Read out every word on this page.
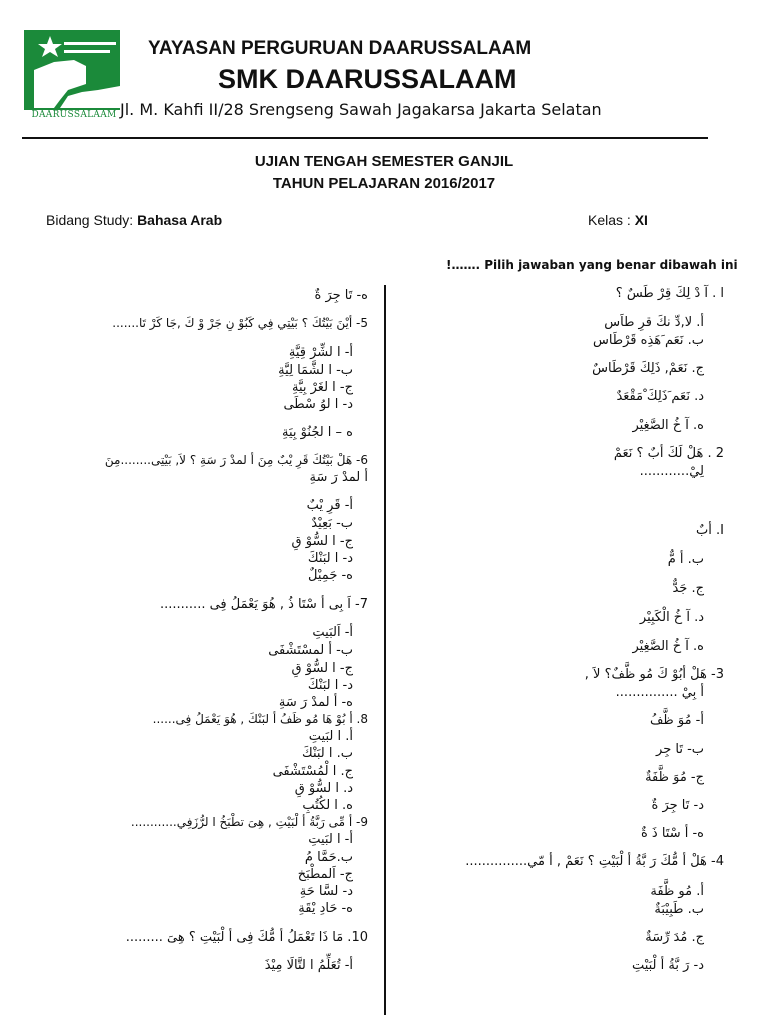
DAARUSSALAAM
YAYASAN PERGURUAN DAARUSSALAAM
SMK DAARUSSALAAM
Jl. M. Kahfi II/28 Srengseng Sawah Jagakarsa Jakarta Selatan
UJIAN TENGAH SEMESTER GANJIL
TAHUN PELAJARAN 2016/2017
Bidang Study: Bahasa Arab	Kelas : XI
!……. Pilih jawaban yang benar dibawah ini
ا . آ دْ لِكَ قِرْ طَسٌ ؟
أ. لا,دِّ نكَ قرِ طاَس
ب. نَعَم َهَذِه قَرْطَاس
ج. نَعَمْ, ذَلِكَ قَرْطَاسٌ
د. نَعَم َذَلِكَ ْمَقْعَدٌ
ه. آ خُ الصَّغِيْر
2 . هَلْ لَكَ أبٌ ؟ نَعَمْ
لِيْ............
I. أبٌ
ب. أ مٌّ
ج. جَدٌّ
د. آ خُ الْكَبِيْر
ه. آ خُ الصَّغِيْر
3- هَلْ أبُوْ كَ مُو ظَّفٌ؟ لاَ ,
أ بِيْ ...............
أ- مُوَ ظَّفُ
ب- تَا جِر
ج- مُوَ ظَّفَةٌ
د- تَا جِرَ ةٌ
ه- أ سْتَا ذَ ةٌ
4- هَلْ أ مُّكَ رَ بَّةُ أ لْبَيْتِ ؟ نَعَمْ , أ مّي...............
أ. مُو ظَّفَة
ب. طَبِيْبَةٌ
ج. مُدَ رِّسَةٌ
د- رَ بَّةُ أ لْبَيْتِ
ه- تَا جِرَ ةٌ
5- أيْنَ بَيْتُكَ ؟ بَيْتِي فِي كَبُوْ نِ جَرْ وْ كَ ,جَا كَرْ تَا.......
أ- ا لشِّرْ قِيَّةِ
ب- ا لشَّمَا لِيَّةِ
ج- ا لغَرْ بِيَّةِ
د- ا لوُ سْطَى
ه – ا لجُنُوْ بِيَةِ
6- هَلْ بَيْتُكَ قَرِ يْبٌ مِنَ أ لمدْ رَ سَةِ ؟ لاَ, بَيْتِى........مِنَ
أ لمدْ رَ سَةِ
أ- قَرِ يْبٌ
ب- بَعِيْدٌ
ج- ا لسُّوْ قِ
د- ا لبَنْكَ
ه- جَمِيْلٌ
7- اَ بِى أ سْتَا ذُ , هُوَ يَعْمَلُ فِى ...........
أ- اَلبَيتِ
ب- أ لمسْتَشْفَى
ج- ا لسُّوْ قِ
د- ا لبَنْكَ
ه- أ لمدْ رَ سَةِ
8. أ بُوْ هَا مُو ظَفُ أ لبَنْكَ , هُوَ يَعْمَلُ فِى......
أ. ا لبَيتِ
ب. ا لبَنْكَ
ج. ا لْمُسْتَشْفَى
د. ا لسُّوْ قِ
ه. ا لكُتُبِ
9- أ مِّى رَبَّةُ أ لْبَيْتِ , هِىَ تطْبَخُ ا لرُّزَفِي............
أ- ا لبَيتِ
ب.حَمَّا مُ
ج- اَلمطْبَخ
د- لسَّا حَةِ
ه- حَادِ يْقَةِ
10. مَا ذَا تَعْمَلُ أ مُّكَ فِى أ لْبَيْتِ ؟ هِىَ .........
أ- تُعَلِّمُ ا لتَّالَا مِيْذَ
